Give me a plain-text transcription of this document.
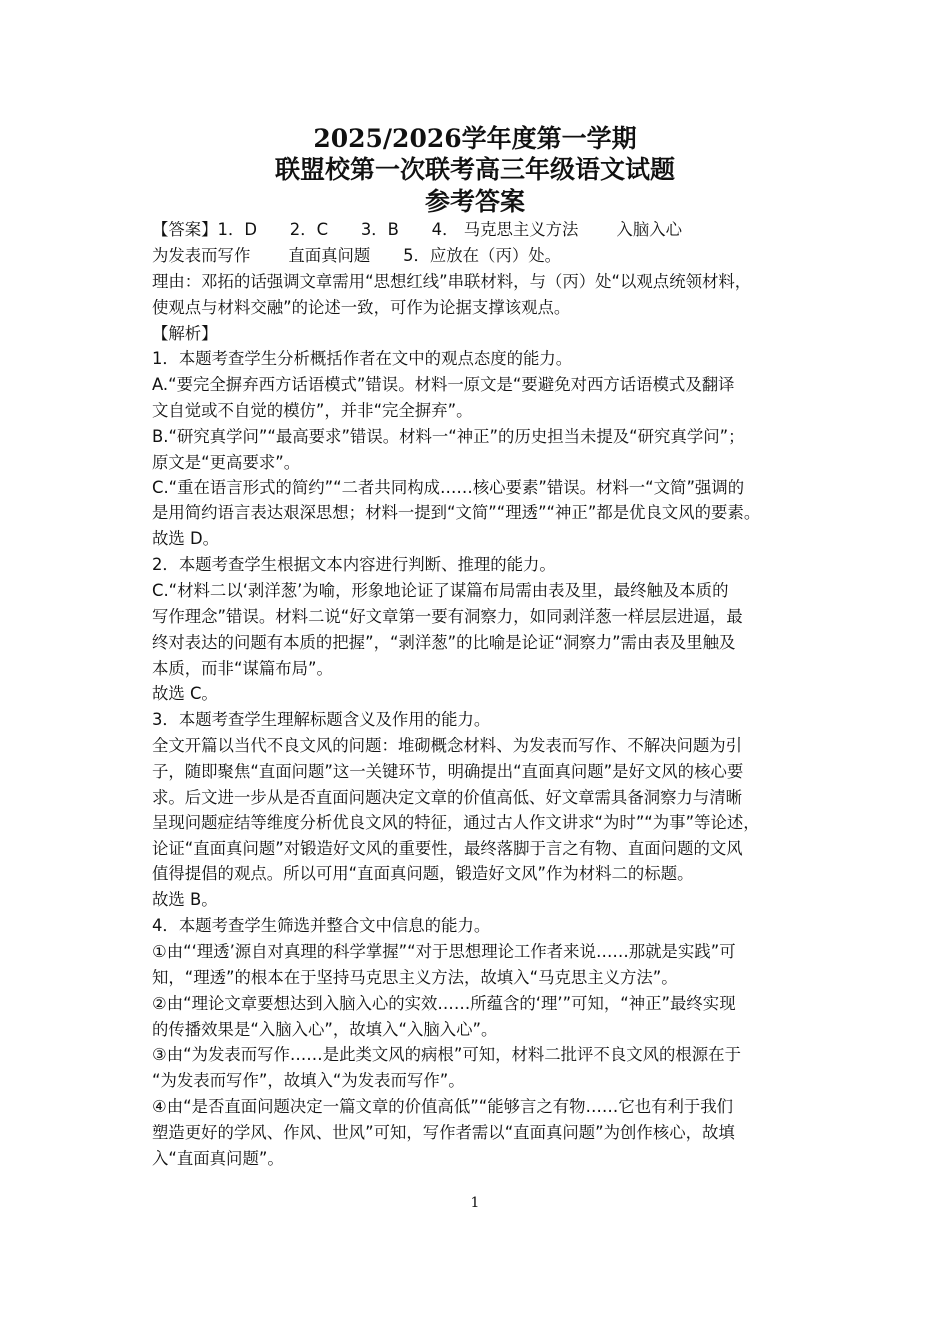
2025/2026学年度第一学期
联盟校第一次联考高三年级语文试题
参考答案
【答案】1．D　　2．C　　3．B　　4． 马克思主义方法　　 入脑入心
为发表而写作　　 直面真问题　　5．应放在（丙）处。
理由：邓拓的话强调文章需用“思想红线”串联材料，与（丙）处“以观点统领材料，
使观点与材料交融”的论述一致，可作为论据支撑该观点。
【解析】
1．本题考查学生分析概括作者在文中的观点态度的能力。
A.“要完全摒弃西方话语模式”错误。材料一原文是“要避免对西方话语模式及翻译
文自觉或不自觉的模仿”，并非“完全摒弃”。
B.“研究真学问”“最高要求”错误。材料一“神正”的历史担当未提及“研究真学问”；
原文是“更高要求”。
C.“重在语言形式的简约”“二者共同构成……核心要素”错误。材料一“文简”强调的
是用简约语言表达艰深思想；材料一提到“文简”“理透”“神正”都是优良文风的要素。
故选 D。
2．本题考查学生根据文本内容进行判断、推理的能力。
C.“材料二以‘剥洋葱’为喻，形象地论证了谋篇布局需由表及里，最终触及本质的
写作理念”错误。材料二说“好文章第一要有洞察力，如同剥洋葱一样层层进逼，最
终对表达的问题有本质的把握”，“剥洋葱”的比喻是论证“洞察力”需由表及里触及
本质，而非“谋篇布局”。
故选 C。
3．本题考查学生理解标题含义及作用的能力。
全文开篇以当代不良文风的问题：堆砌概念材料、为发表而写作、不解决问题为引
子，随即聚焦“直面问题”这一关键环节，明确提出“直面真问题”是好文风的核心要
求。后文进一步从是否直面问题决定文章的价值高低、好文章需具备洞察力与清晰
呈现问题症结等维度分析优良文风的特征，通过古人作文讲求“为时”“为事”等论述，
论证“直面真问题”对锻造好文风的重要性，最终落脚于言之有物、直面问题的文风
值得提倡的观点。所以可用“直面真问题，锻造好文风”作为材料二的标题。
故选 B。
4．本题考查学生筛选并整合文中信息的能力。
①由“‘理透’源自对真理的科学掌握”“对于思想理论工作者来说……那就是实践”可
知，“理透”的根本在于坚持马克思主义方法，故填入“马克思主义方法”。
②由“理论文章要想达到入脑入心的实效……所蕴含的‘理’”可知，“神正”最终实现
的传播效果是“入脑入心”，故填入“入脑入心”。
③由“为发表而写作……是此类文风的病根”可知，材料二批评不良文风的根源在于
“为发表而写作”，故填入“为发表而写作”。
④由“是否直面问题决定一篇文章的价值高低”“能够言之有物……它也有利于我们
塑造更好的学风、作风、世风”可知，写作者需以“直面真问题”为创作核心，故填
入“直面真问题”。
1
